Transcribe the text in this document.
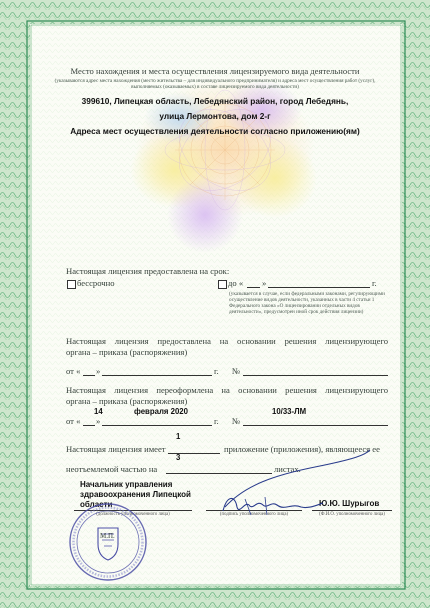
Место нахождения и места осуществления лицензируемого вида деятельности
(указываются адрес места нахождения (место жительства – для индивидуального предпринимателя) и адреса мест осуществления работ (услуг), выполняемых (оказываемых) в составе лицензируемого вида деятельности)
399610, Липецкая область, Лебедянский район, город Лебедянь,
улица Лермонтова, дом 2-г
Адреса мест осуществления деятельности согласно приложению(ям)
Настоящая лицензия предоставлена на срок:
бессрочно	до « »	г.
(указывается в случае, если федеральными законами, регулирующими осуществление видов деятельности, указанных в части 4 статьи 1 Федерального закона «О лицензировании отдельных видов деятельности», предусмотрен иной срок действия лицензии)
Настоящая лицензия предоставлена на основании решения лицензирующего
органа – приказа (распоряжения)
от « »	г. №
Настоящая лицензия переоформлена на основании решения лицензирующего
органа – приказа (распоряжения)
14	февраля 2020	10/33-ЛМ
от « »	г. №
1
Настоящая лицензия имеет	приложение (приложения), являющееся ее
3
неотъемлемой частью на	листах.
Начальник управления
здравоохранения Липецкой
области	Ю.Ю. Шурыгов
(должность уполномоченного лица)	(подпись уполномоченного лица)	(Ф.И.О. уполномоченного лица)
М.П.
